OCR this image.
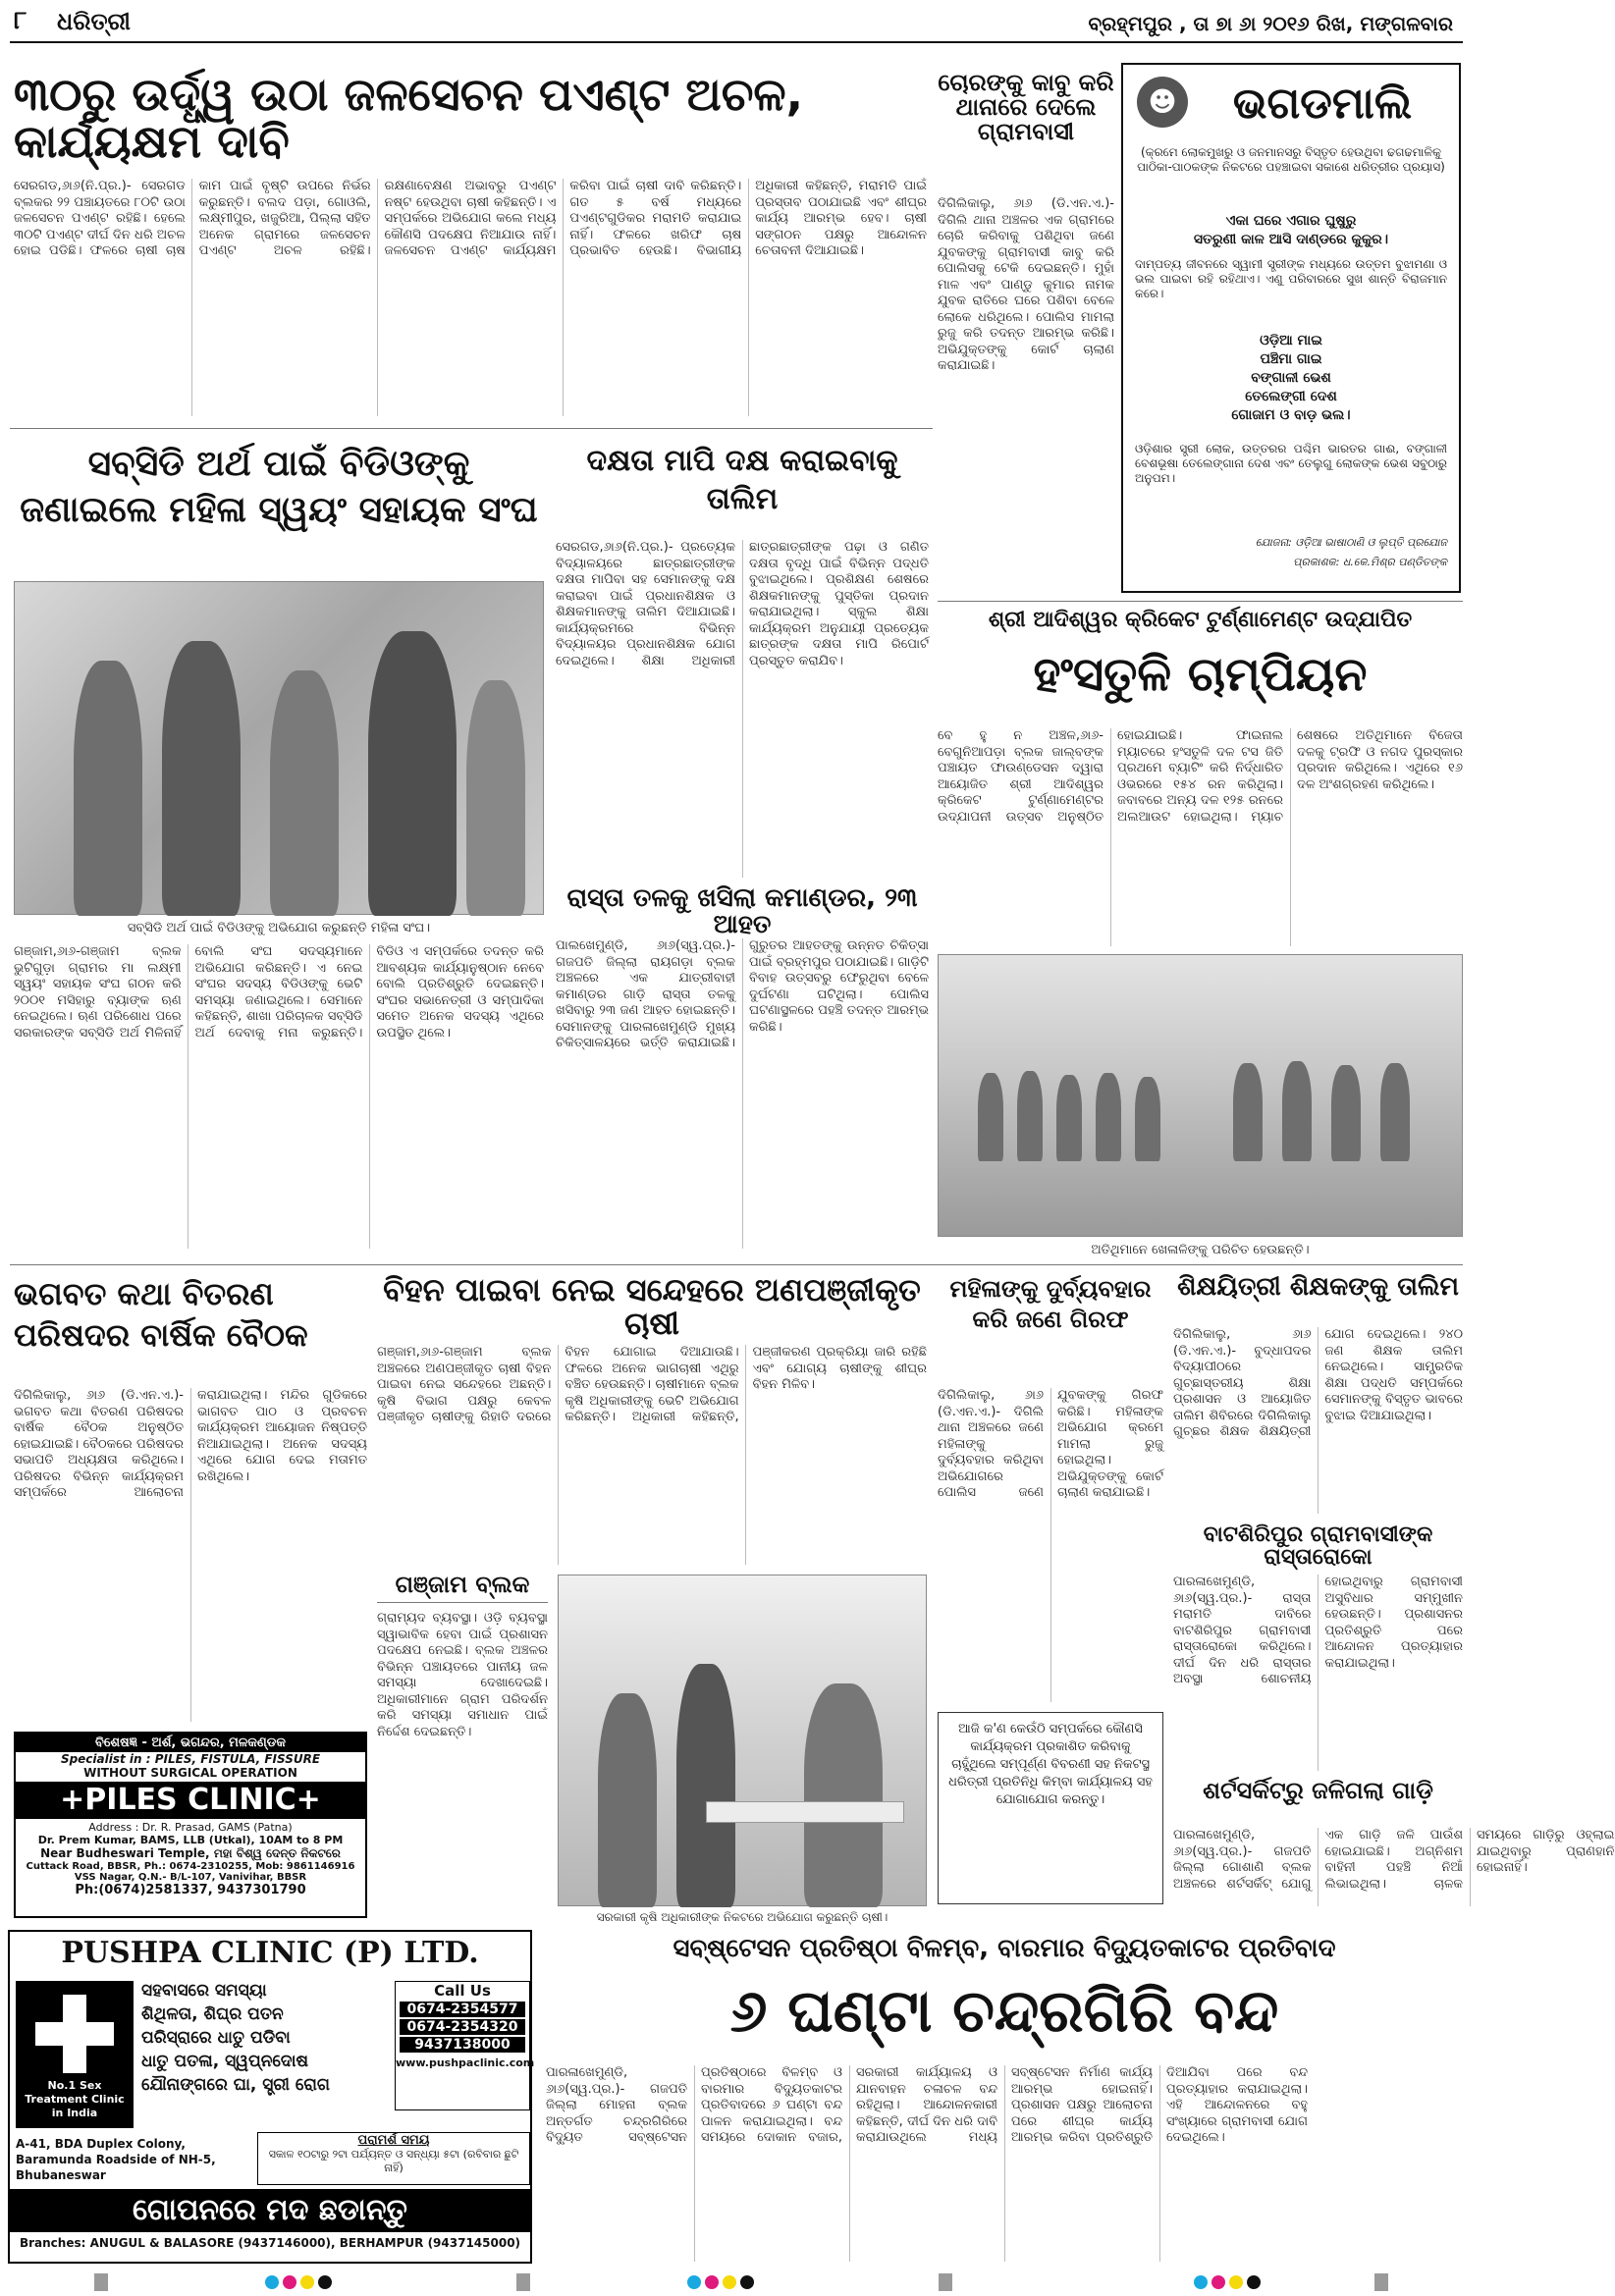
୮ ଧରିତ୍ରୀ	ବ୍ରହ୍ମପୁର , ତା ୭ା ୬ା ୨୦୧୬ ରିଖ, ମଙ୍ଗଳବାର
୩୦ରୁ ଉର୍ଦ୍ଧ୍ୱ ଉଠା ଜଳସେଚନ ପଏଣ୍ଟ ଅଚଳ, କାର୍ଯ୍ୟକ୍ଷମ ଦାବି
ସେରଗଡ,୬ା୬(ନି.ପ୍ର.)- ସେରଗଡ ବ୍ଲକର ୨୨ ପଞ୍ଚାୟତରେ ୮୦ଟି ଉଠା ଜଳସେଚନ ପଏଣ୍ଟ ରହିଛି। ହେଲେ ୩୦ଟି ପଏଣ୍ଟ ଦୀର୍ଘ ଦିନ ଧରି ଅଚଳ ହୋଇ ପଡିଛି। ଫଳରେ ଚାଷୀ ଚାଷ କାମ ପାଇଁ ବୃଷ୍ଟି ଉପରେ ନିର୍ଭର କରୁଛନ୍ତି। ବଲଦ ପଡ଼ା, ଗୋଓଲି, ଲକ୍ଷ୍ମୀପୁର, ଖଜୁରିଆ, ପିଲ୍ଲା ସହିତ ଅନେକ ଗ୍ରାମରେ ଜଳସେଚନ ପଏଣ୍ଟ ଅଚଳ ରହିଛି। ରକ୍ଷଣାବେକ୍ଷଣ ଅଭାବରୁ ପଏଣ୍ଟ ନଷ୍ଟ ହେଉଥିବା ଚାଷୀ କହିଛନ୍ତି। ଏ ସମ୍ପର୍କରେ ଅଭିଯୋଗ କଲେ ମଧ୍ୟ କୌଣସି ପଦକ୍ଷେପ ନିଆଯାଉ ନାହିଁ। ଜଳସେଚନ ପଏଣ୍ଟ କାର୍ଯ୍ୟକ୍ଷମ କରିବା ପାଇଁ ଚାଷୀ ଦାବି କରିଛନ୍ତି। ଗତ ୫ ବର୍ଷ ମଧ୍ୟରେ ପଏଣ୍ଟଗୁଡିକର ମରାମତି କରାଯାଇ ନାହିଁ। ଫଳରେ ଖରିଫ ଚାଷ ପ୍ରଭାବିତ ହେଉଛି। ବିଭାଗୀୟ ଅଧିକାରୀ କହିଛନ୍ତି, ମରାମତି ପାଇଁ ପ୍ରସ୍ତାବ ପଠାଯାଇଛି ଏବଂ ଶୀଘ୍ର କାର୍ଯ୍ୟ ଆରମ୍ଭ ହେବ। ଚାଷୀ ସଙ୍ଗଠନ ପକ୍ଷରୁ ଆନ୍ଦୋଳନ ଚେତାବନୀ ଦିଆଯାଇଛି।
ଚୋରଙ୍କୁ କାବୁ କରି ଥାନାରେ ଦେଲେ ଗ୍ରାମବାସୀ
ଦିଗିଲିକାଲୁ, ୬ା୬ (ଡି.ଏନ.ଏ.)- ଦିଗିଲି ଥାନା ଅଞ୍ଚଳର ଏକ ଗ୍ରାମରେ ଚୋରି କରିବାକୁ ପଶିଥିବା ଜଣେ ଯୁବକଙ୍କୁ ଗ୍ରାମବାସୀ କାବୁ କରି ପୋଲିସକୁ ଟେକି ଦେଇଛନ୍ତି। ମୁହାଁ ମାଳ ଏବଂ ପାଣ୍ଡୁ କୁମାର ନାମକ ଯୁବକ ରାତିରେ ଘରେ ପଶିବା ବେଳେ ଲୋକେ ଧରିଥିଲେ। ପୋଲିସ ମାମଲା ରୁଜୁ କରି ତଦନ୍ତ ଆରମ୍ଭ କରିଛି। ଅଭିଯୁକ୍ତଙ୍କୁ କୋର୍ଟ ଚାଲାଣ କରାଯାଇଛି।
☻	ଭଗଡମାଲି
(କ୍ରମେ ଲୋକମୁଖରୁ ଓ ଜନମାନସରୁ ବିସ୍ତୃତ ହେଉଥିବା ଢଗଢମାଳିକୁ ପାଠିକା-ପାଠକଙ୍କ ନିକଟରେ ପହଞ୍ଚାଇବା ସକାଶେ ଧରିତ୍ରୀର ପ୍ରୟାସ)
ଏକା ଘରେ ଏଗାର ଘୁଷୁରୁ
ସତରୁଣୀ କାଳ ଆସି ଦାଣ୍ଡରେ କୁକୁର।
ଦାମ୍ପତ୍ୟ ଜୀବନରେ ସ୍ୱାମୀ ସ୍ତ୍ରୀଙ୍କ ମଧ୍ୟରେ ଉତ୍ତମ ବୁଝାମଣା ଓ ଭଲ ପାଇବା ରହି ରହିଥାଏ। ଏଣୁ ପରିବାରରେ ସୁଖ ଶାନ୍ତି ବିରାଜମାନ କରେ।
ଓଡ଼ିଆ ମାଇ
ପଞ୍ଚିମା ଗାଇ
ବଙ୍ଗାଳୀ ଭେଶ
ତେଲେଙ୍ଗୀ ଦେଶ
ଗୋଜାମ ଓ ବାଡ଼ ଭଲ।
ଓଡ଼ିଶାର ସ୍ତ୍ରୀ ଲୋକ, ଉତ୍ତରର ପଶ୍ଚିମ ଭାରତର ଗାଈ, ବଙ୍ଗାଳୀ ବେଶଭୂଷା ତେଲେଙ୍ଗାନା ଦେଶ ଏବଂ ତେଲୁଗୁ ଲୋକଙ୍କ ଭେଶ ସବୁଠାରୁ ଅନୁପମ।
ଯୋଜନା: ଓଡ଼ିଆ ଭାଷାଠାଣି ଓ ଲୁପ୍ତି ପ୍ରଯୋଜ
ପ୍ରକାଶକ: ଧ.କେ.ମିଶ୍ର ପଣ୍ଡିତଙ୍କ
ସବ୍‌ସିଡି ଅର୍ଥ ପାଇଁ ବିଡିଓଙ୍କୁ ଜଣାଇଲେ ମହିଳା ସ୍ୱୟଂ ସହାୟକ ସଂଘ
ସବ୍‌ସିଡି ଅର୍ଥ ପାଇଁ ବିଡିଓଙ୍କୁ ଅଭିଯୋଗ କରୁଛନ୍ତି ମହିଳା ସଂଘ।
ଗଞ୍ଜାମ,୬ା୬-ଗଞ୍ଜାମ ବ୍ଲକ ଭୁଟିଗୁଡ଼ା ଗ୍ରାମର ମା ଲକ୍ଷ୍ମୀ ସ୍ୱୟଂ ସହାୟକ ସଂଘ ଗଠନ କରି ୨୦୦୧ ମସିହାରୁ ବ୍ୟାଙ୍କ ଋଣ ନେଇଥିଲେ। ଋଣ ପରିଶୋଧ ପରେ ସରକାରଙ୍କ ସବ୍‌ସିଡି ଅର୍ଥ ମିଳିନାହିଁ ବୋଲି ସଂଘ ସଦସ୍ୟମାନେ ଅଭିଯୋଗ କରିଛନ୍ତି। ଏ ନେଇ ସଂଘର ସଦସ୍ୟ ବିଡିଓଙ୍କୁ ଭେଟି ସମସ୍ୟା ଜଣାଇଥିଲେ। ସେମାନେ କହିଛନ୍ତି, ଶାଖା ପରିଚାଳକ ସବ୍‌ସିଡି ଅର୍ଥ ଦେବାକୁ ମନା କରୁଛନ୍ତି। ବିଡିଓ ଏ ସମ୍ପର୍କରେ ତଦନ୍ତ କରି ଆବଶ୍ୟକ କାର୍ଯ୍ୟାନୁଷ୍ଠାନ ନେବେ ବୋଲି ପ୍ରତିଶ୍ରୁତି ଦେଇଛନ୍ତି। ସଂଘର ସଭାନେତ୍ରୀ ଓ ସମ୍ପାଦିକା ସମେତ ଅନେକ ସଦସ୍ୟ ଏଥିରେ ଉପସ୍ଥିତ ଥିଲେ।
ଦକ୍ଷତା ମାପି ଦକ୍ଷ କରାଇବାକୁ ତାଲିମ
ସେରଗଡ,୬ା୬(ନି.ପ୍ର.)- ପ୍ରତ୍ୟେକ ବିଦ୍ୟାଳୟରେ ଛାତ୍ରଛାତ୍ରୀଙ୍କ ଦକ୍ଷତା ମାପିବା ସହ ସେମାନଙ୍କୁ ଦକ୍ଷ କରାଇବା ପାଇଁ ପ୍ରଧାନଶିକ୍ଷକ ଓ ଶିକ୍ଷକମାନଙ୍କୁ ତାଲିମ ଦିଆଯାଇଛି। କାର୍ଯ୍ୟକ୍ରମରେ ବିଭିନ୍ନ ବିଦ୍ୟାଳୟର ପ୍ରଧାନଶିକ୍ଷକ ଯୋଗ ଦେଇଥିଲେ। ଶିକ୍ଷା ଅଧିକାରୀ ଛାତ୍ରଛାତ୍ରୀଙ୍କ ପଢ଼ା ଓ ଗଣିତ ଦକ୍ଷତା ବୃଦ୍ଧି ପାଇଁ ବିଭିନ୍ନ ପଦ୍ଧତି ବୁଝାଇଥିଲେ। ପ୍ରଶିକ୍ଷଣ ଶେଷରେ ଶିକ୍ଷକମାନଙ୍କୁ ପୁସ୍ତିକା ପ୍ରଦାନ କରାଯାଇଥିଲା। ସ୍କୁଲ ଶିକ୍ଷା କାର୍ଯ୍ୟକ୍ରମ ଅନୁଯାୟୀ ପ୍ରତ୍ୟେକ ଛାତ୍ରଙ୍କ ଦକ୍ଷତା ମାପି ରିପୋର୍ଟ ପ୍ରସ୍ତୁତ କରାଯିବ।
ଶ୍ରୀ ଆଦିଶ୍ୱର କ୍ରିକେଟ ଟୁର୍ଣ୍ଣାମେଣ୍ଟ ଉଦ୍‌ଯାପିତ
ହଂସତୁଳି ଚାମ୍ପିୟନ
ବେ ହୁ ନ ଅଞ୍ଚଳ,୬ା୬- ବେଗୁନିଆପଡ଼ା ବ୍ଲକ ଜାଲ୍‌ବଙ୍କ ପଞ୍ଚାୟତ ଫାଉଣ୍ଡେସନ ଦ୍ୱାରା ଆୟୋଜିତ ଶ୍ରୀ ଆଦିଶ୍ୱର କ୍ରିକେଟ ଟୁର୍ଣ୍ଣାମେଣ୍ଟର ଉଦ୍‌ଯାପନୀ ଉତ୍ସବ ଅନୁଷ୍ଠିତ ହୋଇଯାଇଛି। ଫାଇନାଲ ମ୍ୟାଚରେ ହଂସତୁଳି ଦଳ ଟସ ଜିତି ପ୍ରଥମେ ବ୍ୟାଟିଂ କରି ନିର୍ଦ୍ଧାରିତ ଓଭରରେ ୧୫୪ ରନ କରିଥିଲା। ଜବାବରେ ଅନ୍ୟ ଦଳ ୧୨୫ ରନରେ ଅଲଆଉଟ ହୋଇଥିଲା। ମ୍ୟାଚ ଶେଷରେ ଅତିଥିମାନେ ବିଜେତା ଦଳକୁ ଟ୍ରଫି ଓ ନଗଦ ପୁରସ୍କାର ପ୍ରଦାନ କରିଥିଲେ। ଏଥିରେ ୧୬ ଦଳ ଅଂଶଗ୍ରହଣ କରିଥିଲେ।
ଅତିଥିମାନେ ଖେଳାଳିଙ୍କୁ ପରିଚିତ ହେଉଛନ୍ତି।
ରାସ୍ତା ତଳକୁ ଖସିଲା କମାଣ୍ଡର, ୨୩ ଆହତ
ପାଲଖେମୁଣ୍ଡି, ୬ା୬(ସ୍ୱ.ପ୍ର.)- ଗଜପତି ଜିଲ୍ଲା ରାୟଗଡ଼ା ବ୍ଲକ ଅଞ୍ଚଳରେ ଏକ ଯାତ୍ରୀବାହୀ କମାଣ୍ଡର ଗାଡ଼ି ରାସ୍ତା ତଳକୁ ଖସିବାରୁ ୨୩ ଜଣ ଆହତ ହୋଇଛନ୍ତି। ସେମାନଙ୍କୁ ପାରଳାଖେମୁଣ୍ଡି ମୁଖ୍ୟ ଚିକିତ୍ସାଳୟରେ ଭର୍ତ୍ତି କରାଯାଇଛି। ଗୁରୁତର ଆହତଙ୍କୁ ଉନ୍ନତ ଚିକିତ୍ସା ପାଇଁ ବ୍ରହ୍ମପୁର ପଠାଯାଇଛି। ଗାଡ଼ିଟି ବିବାହ ଉତ୍ସବରୁ ଫେରୁଥିବା ବେଳେ ଦୁର୍ଘଟଣା ଘଟିଥିଲା। ପୋଲିସ ଘଟଣାସ୍ଥଳରେ ପହଞ୍ଚି ତଦନ୍ତ ଆରମ୍ଭ କରିଛି।
ଭଗବତ କଥା ବିତରଣ ପରିଷଦର ବାର୍ଷିକ ବୈଠକ
ଦିଗିଲିକାଲୁ, ୬ା୬ (ଡି.ଏନ.ଏ.)- ଭଗବତ କଥା ବିତରଣ ପରିଷଦର ବାର୍ଷିକ ବୈଠକ ଅନୁଷ୍ଠିତ ହୋଇଯାଇଛି। ବୈଠକରେ ପରିଷଦର ସଭାପତି ଅଧ୍ୟକ୍ଷତା କରିଥିଲେ। ପରିଷଦର ବିଭିନ୍ନ କାର୍ଯ୍ୟକ୍ରମ ସମ୍ପର୍କରେ ଆଲୋଚନା କରାଯାଇଥିଲା। ମନ୍ଦିର ଗୁଡିକରେ ଭାଗବତ ପାଠ ଓ ପ୍ରବଚନ କାର୍ଯ୍ୟକ୍ରମ ଆୟୋଜନ ନିଷ୍ପତ୍ତି ନିଆଯାଇଥିଲା। ଅନେକ ସଦସ୍ୟ ଏଥିରେ ଯୋଗ ଦେଇ ମତାମତ ରଖିଥିଲେ।
ବିହନ ପାଇବା ନେଇ ସନ୍ଦେହରେ ଅଣପଞ୍ଜୀକୃତ ଚାଷୀ
ଗଞ୍ଜାମ,୬ା୬-ଗଞ୍ଜାମ ବ୍ଲକ ଅଞ୍ଚଳରେ ଅଣପଞ୍ଜୀକୃତ ଚାଷୀ ବିହନ ପାଇବା ନେଇ ସନ୍ଦେହରେ ଅଛନ୍ତି। କୃଷି ବିଭାଗ ପକ୍ଷରୁ କେବଳ ପଞ୍ଜୀକୃତ ଚାଷୀଙ୍କୁ ରିହାତି ଦରରେ ବିହନ ଯୋଗାଇ ଦିଆଯାଉଛି। ଫଳରେ ଅନେକ ଭାଗଚାଷୀ ଏଥିରୁ ବଞ୍ଚିତ ହେଉଛନ୍ତି। ଚାଷୀମାନେ ବ୍ଲକ କୃଷି ଅଧିକାରୀଙ୍କୁ ଭେଟି ଅଭିଯୋଗ କରିଛନ୍ତି। ଅଧିକାରୀ କହିଛନ୍ତି, ପଞ୍ଜୀକରଣ ପ୍ରକ୍ରିୟା ଜାରି ରହିଛି ଏବଂ ଯୋଗ୍ୟ ଚାଷୀଙ୍କୁ ଶୀଘ୍ର ବିହନ ମିଳିବ।
ଗଞ୍ଜାମ ବ୍ଲକ
ଗ୍ରାମ୍ୟଦ ବ୍ୟବସ୍ଥା। ଓଡ଼ି ବ୍ୟବସ୍ଥା ସ୍ୱାଭାବିକ ହେବା ପାଇଁ ପ୍ରଶାସନ ପଦକ୍ଷେପ ନେଇଛି। ବ୍ଲକ ଅଞ୍ଚଳର ବିଭିନ୍ନ ପଞ୍ଚାୟତରେ ପାନୀୟ ଜଳ ସମସ୍ୟା ଦେଖାଦେଇଛି। ଅଧିକାରୀମାନେ ଗ୍ରାମ ପରିଦର୍ଶନ କରି ସମସ୍ୟା ସମାଧାନ ପାଇଁ ନିର୍ଦ୍ଦେଶ ଦେଇଛନ୍ତି।
ସରକାରୀ କୃଷି ଅଧିକାରୀଙ୍କ ନିକଟରେ ଅଭିଯୋଗ କରୁଛନ୍ତି ଚାଷୀ।
ମହିଳାଙ୍କୁ ଦୁର୍ବ୍ୟବହାର କରି ଜଣେ ଗିରଫ
ଦିଗିଲିକାଲୁ, ୬ା୬ (ଡି.ଏନ.ଏ.)- ଦିଗିଲି ଥାନା ଅଞ୍ଚଳରେ ଜଣେ ମହିଳାଙ୍କୁ ଦୁର୍ବ୍ୟବହାର କରିଥିବା ଅଭିଯୋଗରେ ପୋଲିସ ଜଣେ ଯୁବକଙ୍କୁ ଗିରଫ କରିଛି। ମହିଳାଙ୍କ ଅଭିଯୋଗ କ୍ରମେ ମାମଲା ରୁଜୁ ହୋଇଥିଲା। ଅଭିଯୁକ୍ତଙ୍କୁ କୋର୍ଟ ଚାଲାଣ କରାଯାଇଛି।
ଆଜି କ'ଣ କେଉଁଠି ସମ୍ପର୍କରେ କୌଣସି କାର୍ଯ୍ୟକ୍ରମ ପ୍ରକାଶିତ କରିବାକୁ ଚାହୁଁଥିଲେ ସମ୍ପୂର୍ଣ୍ଣ ବିବରଣୀ ସହ ନିକଟସ୍ଥ ଧରିତ୍ରୀ ପ୍ରତିନିଧି କିମ୍ବା କାର୍ଯ୍ୟାଳୟ ସହ ଯୋଗାଯୋଗ କରନ୍ତୁ।
ଶିକ୍ଷୟିତ୍ରୀ ଶିକ୍ଷକଙ୍କୁ ତାଲିମ
ଦିଗିଲିକାଲୁ, ୬ା୬ (ଡି.ଏନ.ଏ.)- ବୁଦ୍ଧାପଦର ବିଦ୍ୟାପୀଠରେ ଗୁଚ୍ଛାସ୍ତରୀୟ ଶିକ୍ଷା ପ୍ରଶାସନ ଓ ଆୟୋଜିତ ତାଲିମ ଶିବିରରେ ଦିଗିଲିକାଲୁ ଗୁଚ୍ଛର ଶିକ୍ଷକ ଶିକ୍ଷୟିତ୍ରୀ ଯୋଗ ଦେଇଥିଲେ। ୨୪୦ ଜଣ ଶିକ୍ଷକ ତାଲିମ ନେଇଥିଲେ। ସାମ୍ପ୍ରତିକ ଶିକ୍ଷା ପଦ୍ଧତି ସମ୍ପର୍କରେ ସେମାନଙ୍କୁ ବିସ୍ତୃତ ଭାବରେ ବୁଝାଇ ଦିଆଯାଇଥିଲା।
ବାଟଶିରିପୁର ଗ୍ରାମବାସୀଙ୍କ ରାସ୍ତାରୋକୋ
ପାରଳାଖେମୁଣ୍ଡି, ୬ା୬(ସ୍ୱ.ପ୍ର.)- ରାସ୍ତା ମରାମତି ଦାବିରେ ବାଟଶିରିପୁର ଗ୍ରାମବାସୀ ରାସ୍ତାରୋକୋ କରିଥିଲେ। ଦୀର୍ଘ ଦିନ ଧରି ରାସ୍ତାର ଅବସ୍ଥା ଶୋଚନୀୟ ହୋଇଥିବାରୁ ଗ୍ରାମବାସୀ ଅସୁବିଧାର ସମ୍ମୁଖୀନ ହେଉଛନ୍ତି। ପ୍ରଶାସନର ପ୍ରତିଶ୍ରୁତି ପରେ ଆନ୍ଦୋଳନ ପ୍ରତ୍ୟାହାର କରାଯାଇଥିଲା।
ଶର୍ଟସର୍କିଟ୍‌ରୁ ଜଳିଗଲା ଗାଡ଼ି
ପାରଳାଖେମୁଣ୍ଡି, ୬ା୬(ସ୍ୱ.ପ୍ର.)- ଗଜପତି ଜିଲ୍ଲା ଗୋଶାଣି ବ୍ଲକ ଅଞ୍ଚଳରେ ଶର୍ଟସର୍କିଟ୍ ଯୋଗୁ ଏକ ଗାଡ଼ି ଜଳି ପାଉଁଶ ହୋଇଯାଇଛି। ଅଗ୍ନିଶମ ବାହିନୀ ପହଞ୍ଚି ନିଆଁ ଲିଭାଇଥିଲା। ଚାଳକ ସମୟରେ ଗାଡ଼ିରୁ ଓହ୍ଲାଇ ଯାଇଥିବାରୁ ପ୍ରାଣହାନି ହୋଇନାହିଁ।
ବିଶେଷଜ୍ଞ - ଅର୍ଶ, ଭଗନ୍ଦର, ମଳକଣ୍ଡକ
Specialist in : PILES, FISTULA, FISSURE
WITHOUT SURGICAL OPERATION
+PILES CLINIC+
Address : Dr. R. Prasad, GAMS (Patna)
Dr. Prem Kumar, BAMS, LLB (Utkal), 10AM to 8 PM
Near Budheswari Temple, ମହା ବିଶ୍ୱ ଦେନ୍ତ ନିକଟରେ
Cuttack Road, BBSR, Ph.: 0674-2310255, Mob: 9861146916
VSS Nagar, Q.N.- B/L-107, Vanivihar, BBSR
Ph:(0674)2581337, 9437301790
PUSHPA CLINIC (P) LTD.
No.1 Sex Treatment Clinic in India
ସହବାସରେ ସମସ୍ୟା
ଶିଥିଳତା, ଶିଘ୍ର ପତନ
ପରିସ୍ରାରେ ଧାତୁ ପଡିବା
ଧାତୁ ପତଳା, ସ୍ୱପ୍ନଦୋଷ
ଯୌନାଙ୍ଗରେ ଘା, ସ୍ତ୍ରୀ ରୋଗ
Call Us
0674-2354577
0674-2354320
9437138000
www.pushpaclinic.com
A-41, BDA Duplex Colony, Baramunda Roadside of NH-5, Bhubaneswar
ପରାମର୍ଶ ସମୟ
ସକାଳ ୧୦ଟାରୁ ୨ଟା ପର୍ଯ୍ୟନ୍ତ ଓ ସନ୍ଧ୍ୟା ୫ଟା (ରବିବାର ଛୁଟି ନାହିଁ)
ଗୋପନରେ ମଦ ଛଡାନ୍ତୁ
Branches: ANUGUL & BALASORE (9437146000), BERHAMPUR (9437145000)
ସବ୍‌ଷ୍ଟେସନ ପ୍ରତିଷ୍ଠା ବିଳମ୍ବ, ବାରମାର ବିଦ୍ୟୁତକାଟର ପ୍ରତିବାଦ
୬ ଘଣ୍ଟା ଚନ୍ଦ୍ରଗିରି ବନ୍ଦ
ପାରଳାଖେମୁଣ୍ଡି, ୬ା୬(ସ୍ୱ.ପ୍ର.)- ଗଜପତି ଜିଲ୍ଲା ମୋହନା ବ୍ଲକ ଅନ୍ତର୍ଗତ ଚନ୍ଦ୍ରଗିରିରେ ବିଦ୍ୟୁତ ସବ୍‌ଷ୍ଟେସନ ପ୍ରତିଷ୍ଠାରେ ବିଳମ୍ବ ଓ ବାରମାର ବିଦ୍ୟୁତକାଟର ପ୍ରତିବାଦରେ ୬ ଘଣ୍ଟା ବନ୍ଦ ପାଳନ କରାଯାଇଥିଲା। ବନ୍ଦ ସମୟରେ ଦୋକାନ ବଜାର, ସରକାରୀ କାର୍ଯ୍ୟାଳୟ ଓ ଯାନବାହନ ଚଳାଚଳ ବନ୍ଦ ରହିଥିଲା। ଆନ୍ଦୋଳନକାରୀ କହିଛନ୍ତି, ଦୀର୍ଘ ଦିନ ଧରି ଦାବି କରାଯାଉଥିଲେ ମଧ୍ୟ ସବ୍‌ଷ୍ଟେସନ ନିର୍ମାଣ କାର୍ଯ୍ୟ ଆରମ୍ଭ ହୋଇନାହିଁ। ପ୍ରଶାସନ ପକ୍ଷରୁ ଆଲୋଚନା ପରେ ଶୀଘ୍ର କାର୍ଯ୍ୟ ଆରମ୍ଭ କରିବା ପ୍ରତିଶ୍ରୁତି ଦିଆଯିବା ପରେ ବନ୍ଦ ପ୍ରତ୍ୟାହାର କରାଯାଇଥିଲା। ଏହି ଆନ୍ଦୋଳନରେ ବହୁ ସଂଖ୍ୟାରେ ଗ୍ରାମବାସୀ ଯୋଗ ଦେଇଥିଲେ।
